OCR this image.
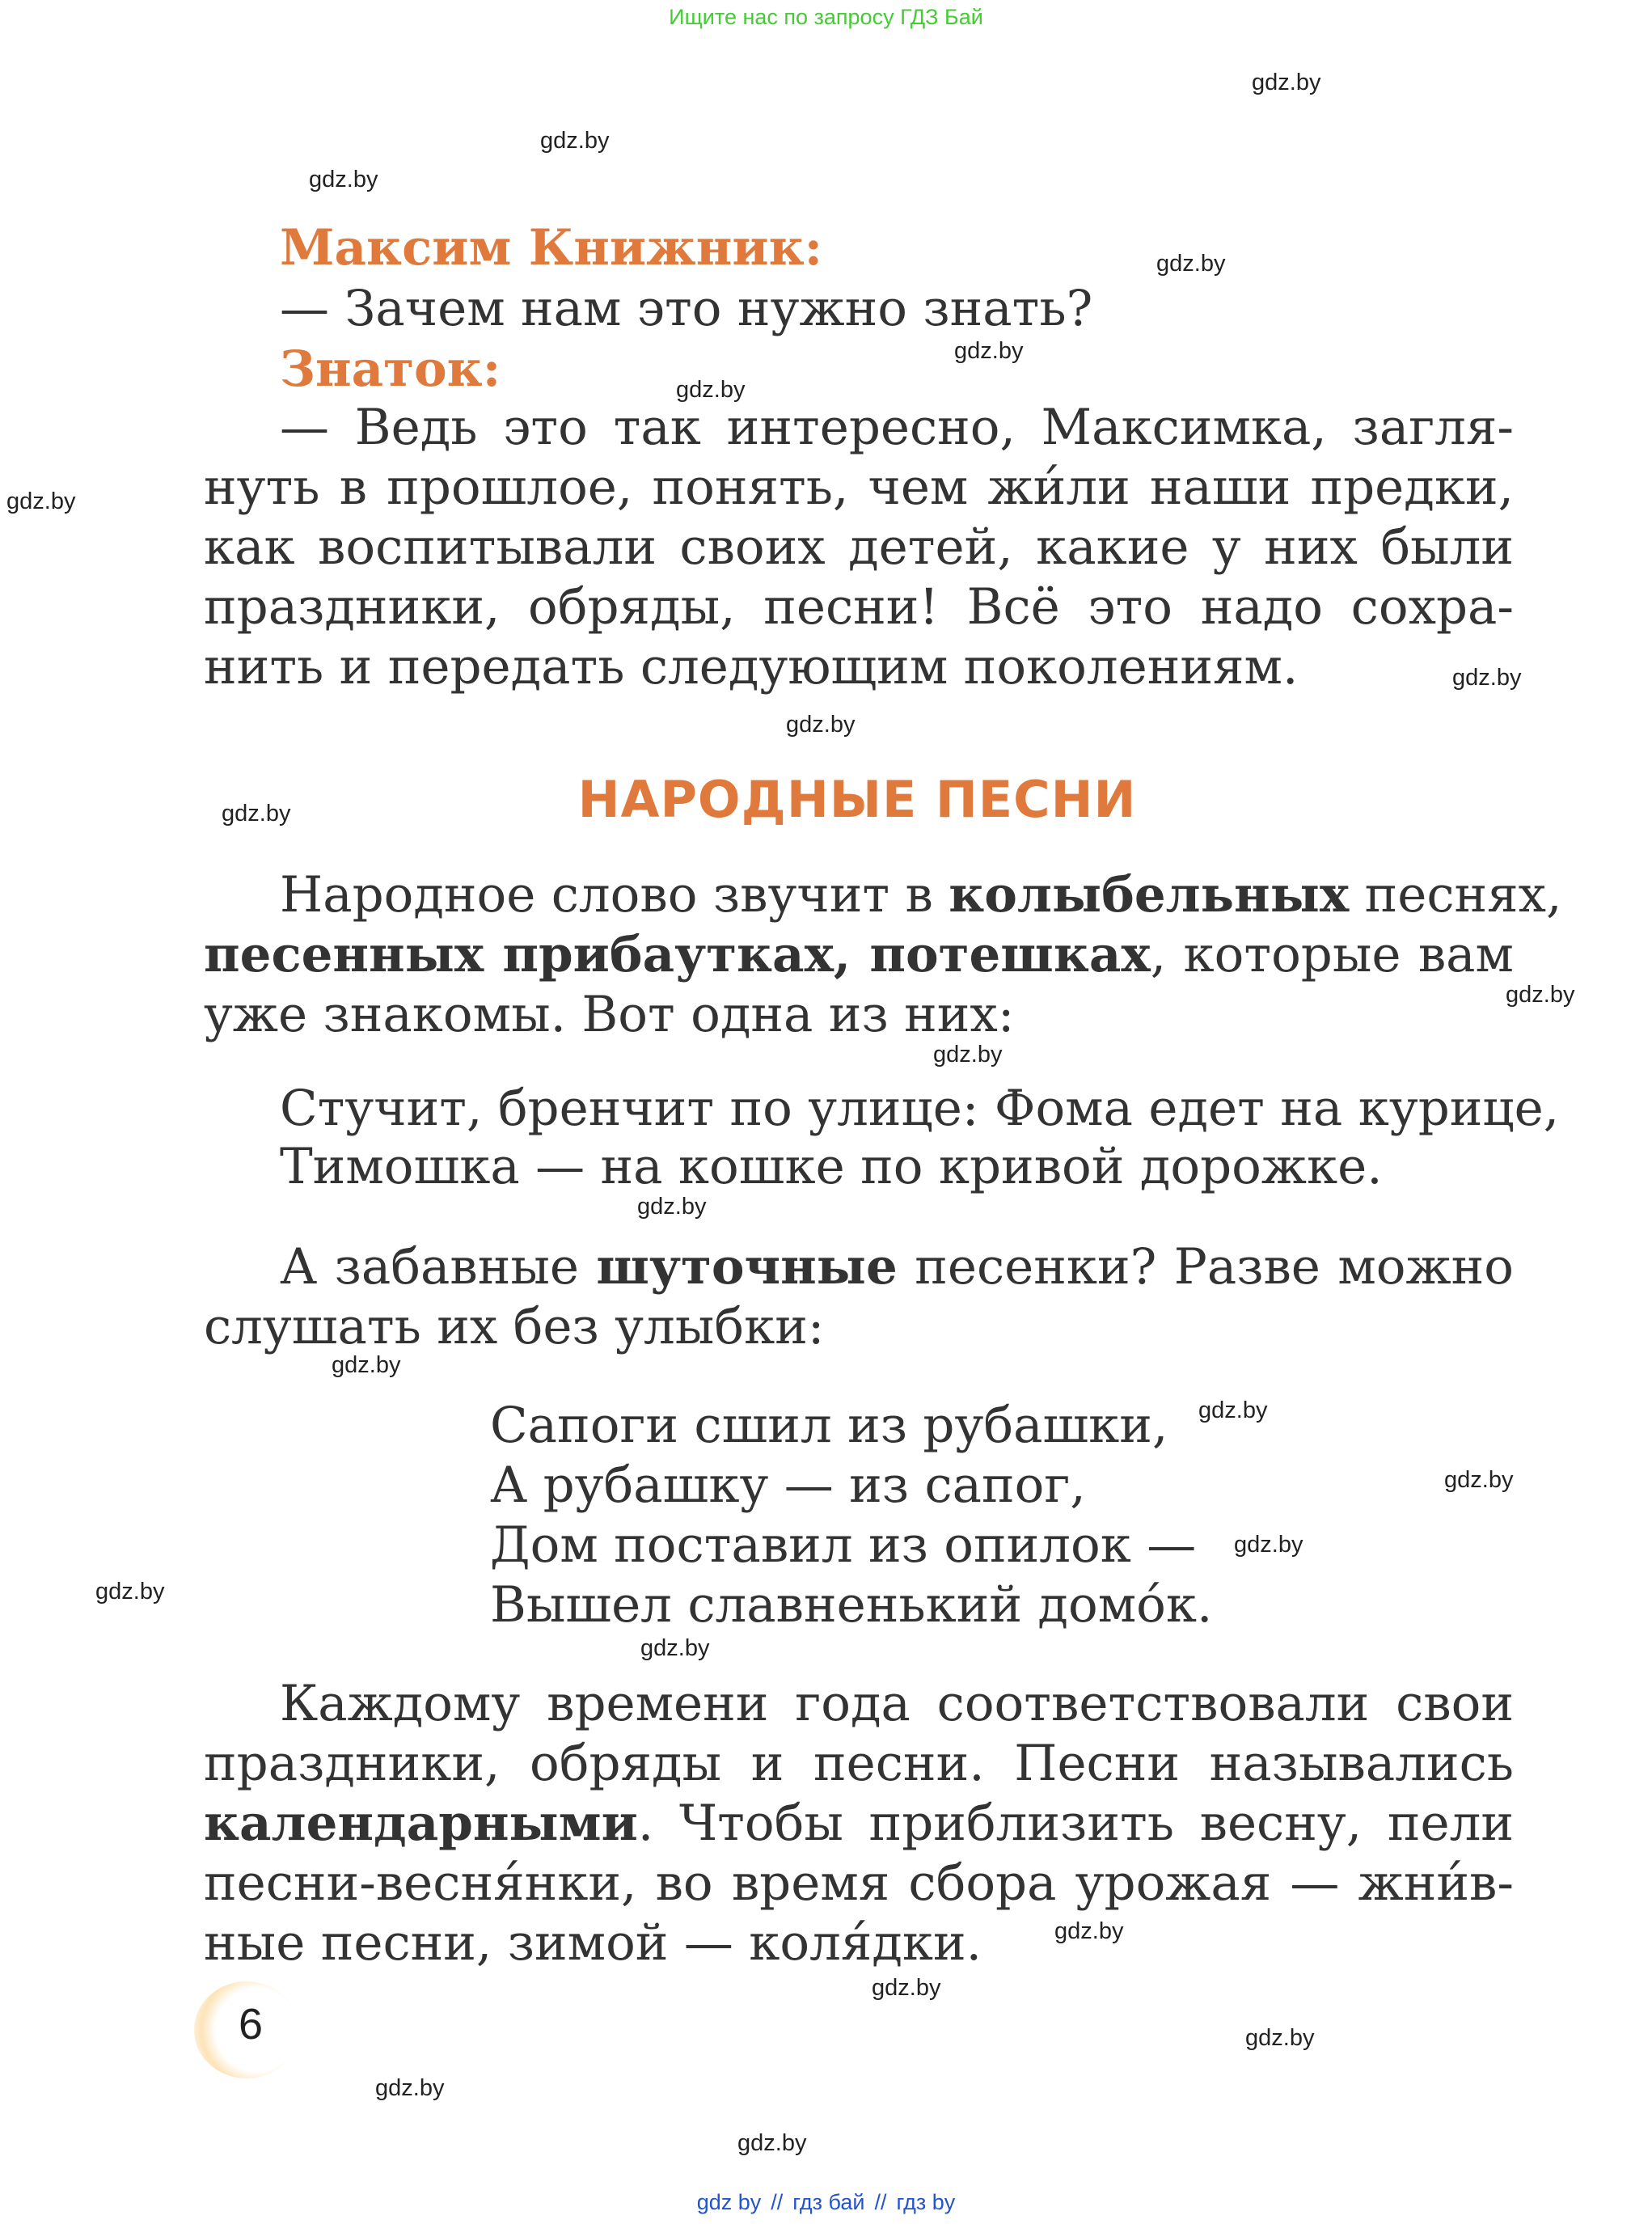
Ищите нас по запросу ГДЗ Бай
gdz.by
gdz.by
gdz.by
gdz.by
gdz.by
gdz.by
gdz.by
gdz.by
gdz.by
gdz.by
gdz.by
gdz.by
gdz.by
gdz.by
gdz.by
gdz.by
gdz.by
gdz.by
gdz.by
gdz.by
gdz.by
gdz.by
gdz.by
gdz.by
Максим Книжник:
— Зачем нам это нужно знать?
Знаток:
— Ведь это так интересно, Максимка, загля-
нуть в прошлое, понять, чем жи́ли наши предки,
как воспитывали своих детей, какие у них были
праздники, обряды, песни! Всё это надо сохра-
нить и передать следующим поколениям.
НАРОДНЫЕ ПЕСНИ
Народное слово звучит в колыбельных песнях,
песенных прибаутках, потешках, которые вам
уже знакомы. Вот одна из них:
Стучит, бренчит по улице: Фома едет на курице,
Тимошка — на кошке по кривой дорожке.
А забавные шуточные песенки? Разве можно
слушать их без улыбки:
Сапоги сшил из рубашки,
А рубашку — из сапог,
Дом поставил из опилок —
Вышел славненький домо́к.
Каждому времени года соответствовали свои
праздники, обряды и песни. Песни назывались
календарными. Чтобы приблизить весну, пели
песни-весня́нки, во время сбора урожая — жни́в-
ные песни, зимой — коля́дки.
6
gdz by // гдз бай // гдз by
